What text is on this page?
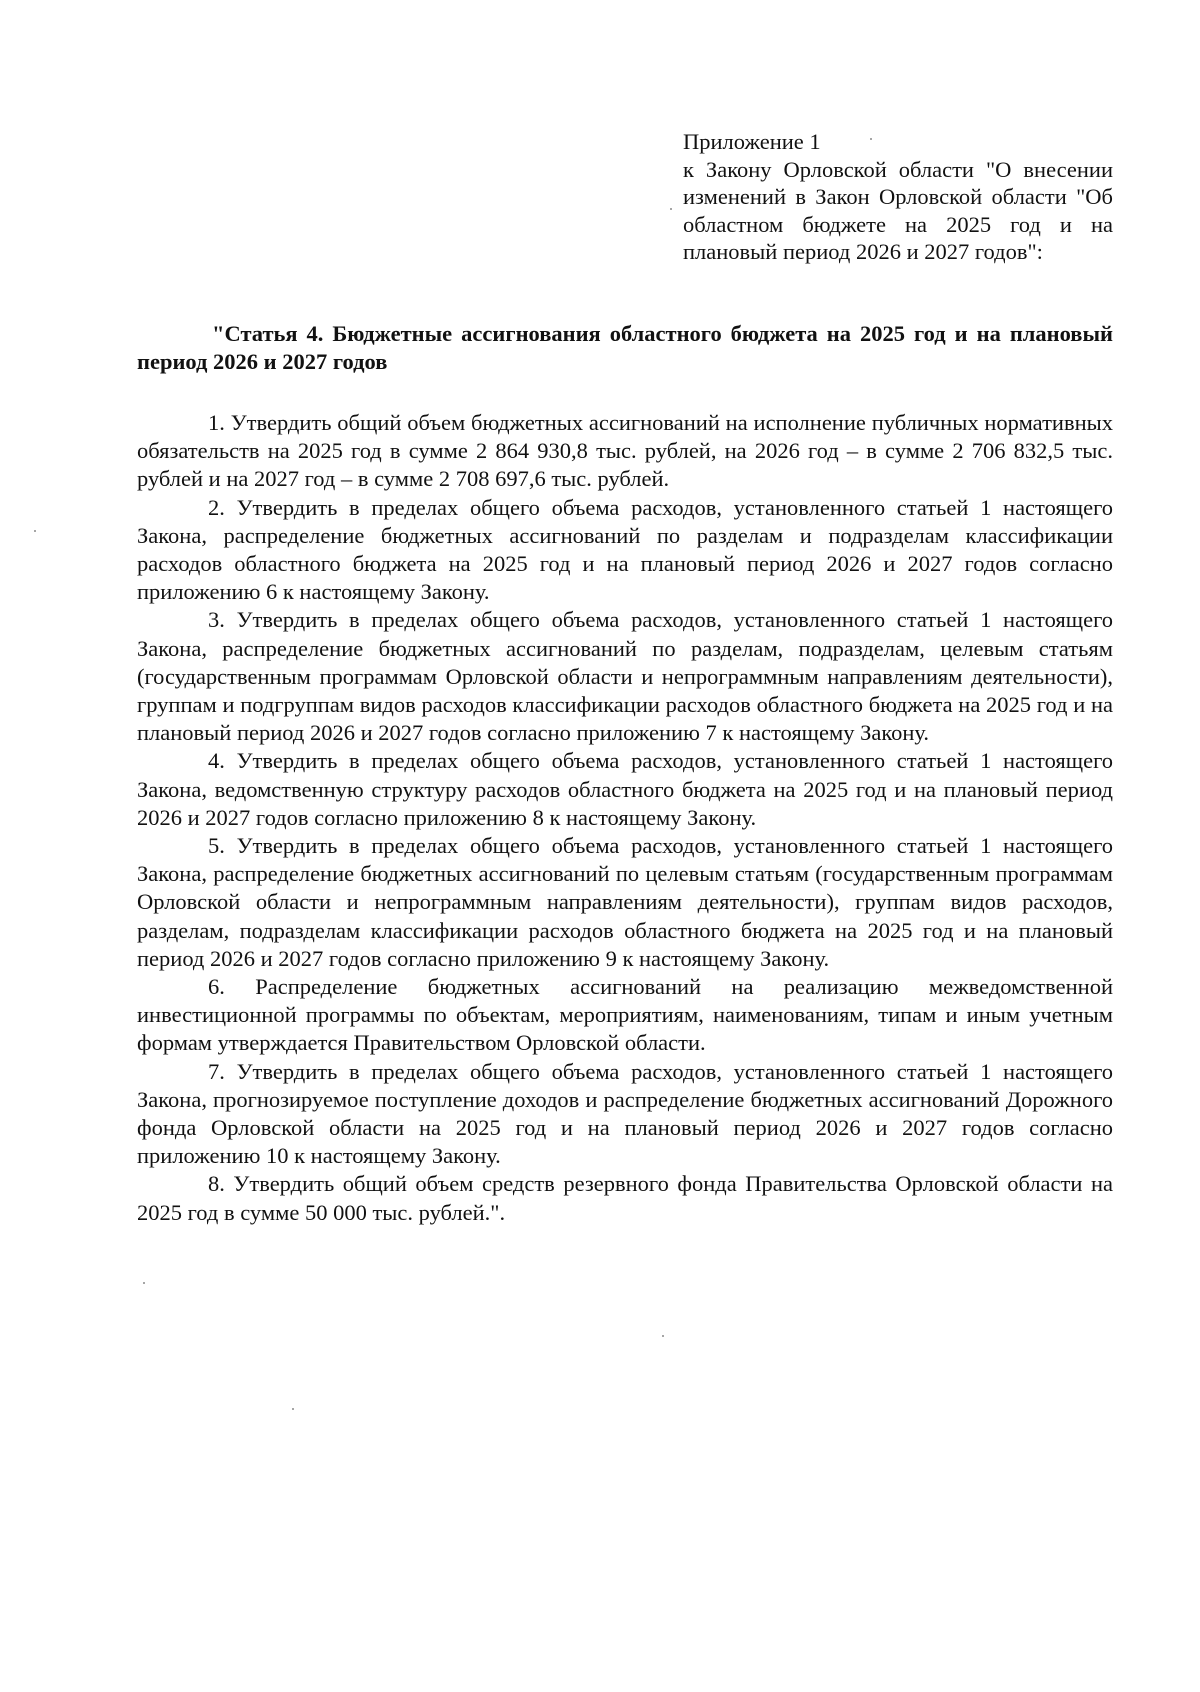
Приложение 1
к Закону Орловской области "О внесении изменений в Закон Орловской области "Об областном бюджете на 2025 год и на плановый период 2026 и 2027 годов":

"Статья 4. Бюджетные ассигнования областного бюджета на 2025 год и на плановый период 2026 и 2027 годов

1. Утвердить общий объем бюджетных ассигнований на исполнение публичных нормативных обязательств на 2025 год в сумме 2 864 930,8 тыс. рублей, на 2026 год – в сумме 2 706 832,5 тыс. рублей и на 2027 год – в сумме 2 708 697,6 тыс. рублей.

2. Утвердить в пределах общего объема расходов, установленного статьей 1 настоящего Закона, распределение бюджетных ассигнований по разделам и подразделам классификации расходов областного бюджета на 2025 год и на плановый период 2026 и 2027 годов согласно приложению 6 к настоящему Закону.

3. Утвердить в пределах общего объема расходов, установленного статьей 1 настоящего Закона, распределение бюджетных ассигнований по разделам, подразделам, целевым статьям (государственным программам Орловской области и непрограммным направлениям деятельности), группам и подгруппам видов расходов классификации расходов областного бюджета на 2025 год и на плановый период 2026 и 2027 годов согласно приложению 7 к настоящему Закону.

4. Утвердить в пределах общего объема расходов, установленного статьей 1 настоящего Закона, ведомственную структуру расходов областного бюджета на 2025 год и на плановый период 2026 и 2027 годов согласно приложению 8 к настоящему Закону.

5. Утвердить в пределах общего объема расходов, установленного статьей 1 настоящего Закона, распределение бюджетных ассигнований по целевым статьям (государственным программам Орловской области и непрограммным направлениям деятельности), группам видов расходов, разделам, подразделам классификации расходов областного бюджета на 2025 год и на плановый период 2026 и 2027 годов согласно приложению 9 к настоящему Закону.

6. Распределение бюджетных ассигнований на реализацию межведомственной инвестиционной программы по объектам, мероприятиям, наименованиям, типам и иным учетным формам утверждается Правительством Орловской области.

7. Утвердить в пределах общего объема расходов, установленного статьей 1 настоящего Закона, прогнозируемое поступление доходов и распределение бюджетных ассигнований Дорожного фонда Орловской области на 2025 год и на плановый период 2026 и 2027 годов согласно приложению 10 к настоящему Закону.

8. Утвердить общий объем средств резервного фонда Правительства Орловской области на 2025 год в сумме 50 000 тыс. рублей.".
